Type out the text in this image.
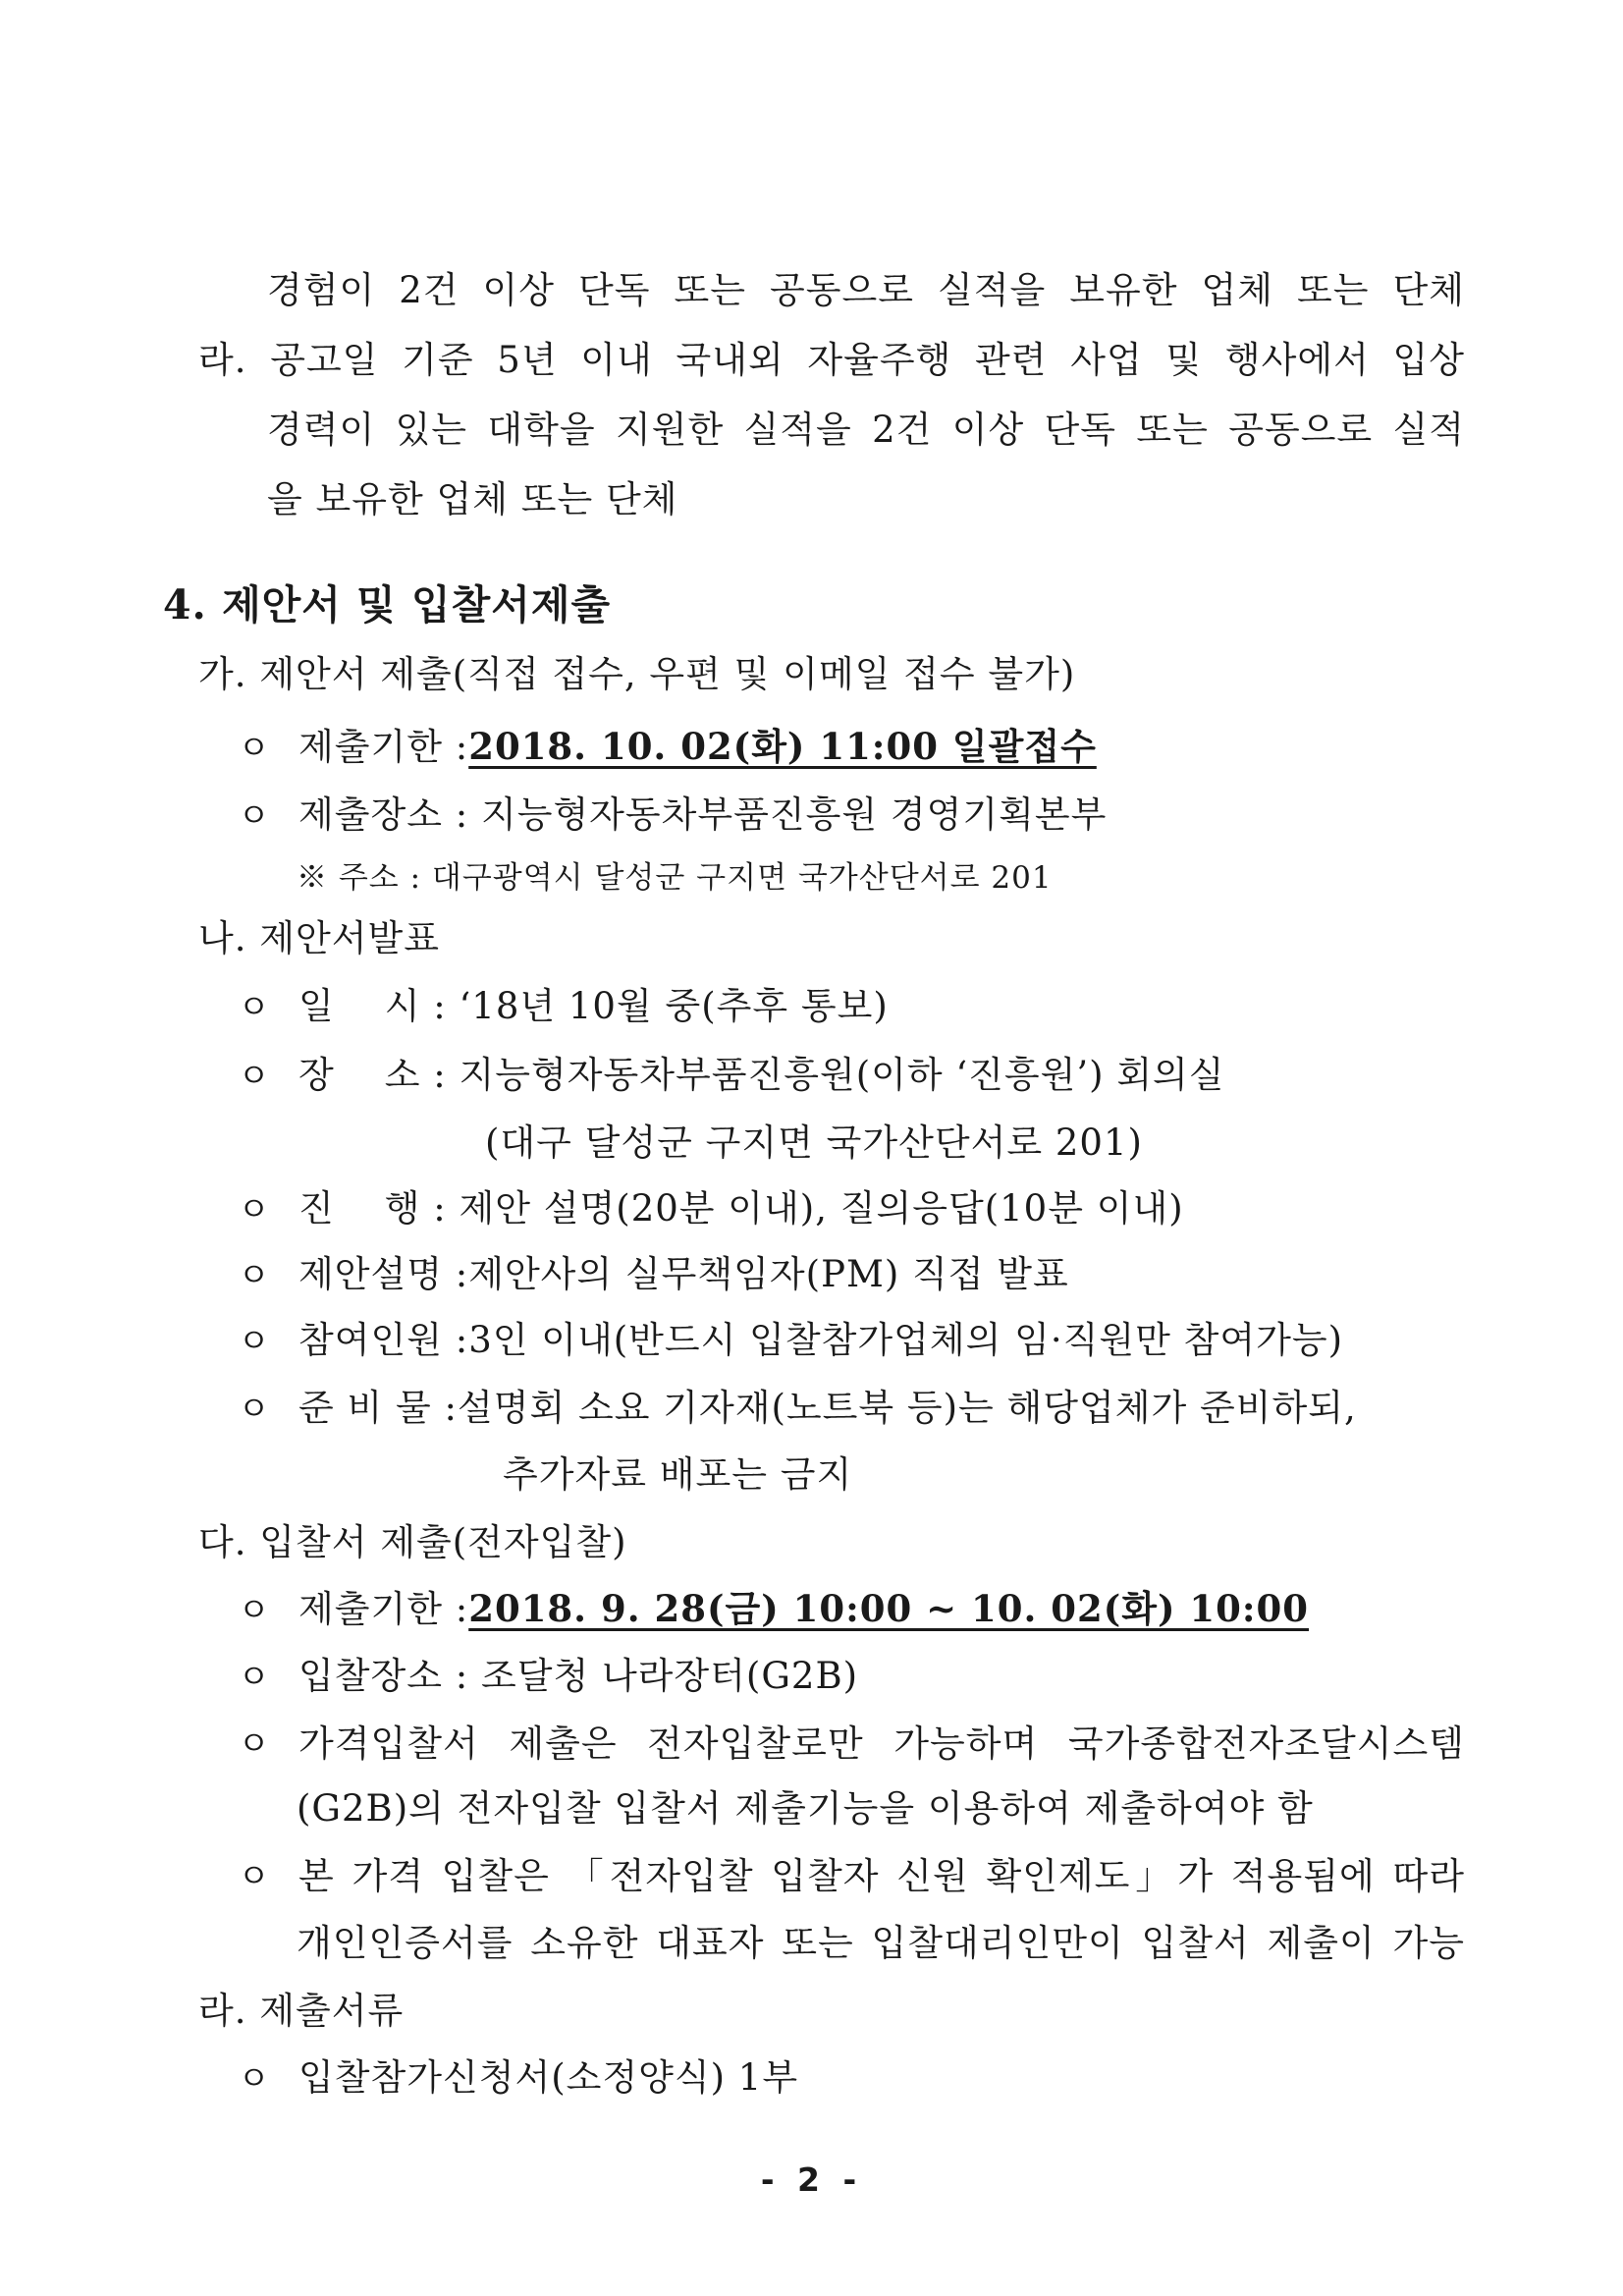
경험이 2건 이상 단독 또는 공동으로 실적을 보유한 업체 또는 단체
라. 공고일 기준 5년 이내 국내외 자율주행 관련 사업 및 행사에서 입상
경력이 있는 대학을 지원한 실적을 2건 이상 단독 또는 공동으로 실적
을 보유한 업체 또는 단체
4. 제안서 및 입찰서제출
가. 제안서 제출(직접 접수, 우편 및 이메일 접수 불가)
ㅇ 제출기한 :2018. 10. 02(화) 11:00 일괄접수
ㅇ 제출장소 : 지능형자동차부품진흥원 경영기획본부
※ 주소 : 대구광역시 달성군 구지면 국가산단서로 201
나. 제안서발표
ㅇ 일    시 : ‘18년 10월 중(추후 통보)
ㅇ 장    소 : 지능형자동차부품진흥원(이하 ‘진흥원’) 회의실
(대구 달성군 구지면 국가산단서로 201)
ㅇ 진    행 : 제안 설명(20분 이내), 질의응답(10분 이내)
ㅇ 제안설명 :제안사의 실무책임자(PM) 직접 발표
ㅇ 참여인원 :3인 이내(반드시 입찰참가업체의 임·직원만 참여가능)
ㅇ 준 비 물 :설명회 소요 기자재(노트북 등)는 해당업체가 준비하되,
추가자료 배포는 금지
다. 입찰서 제출(전자입찰)
ㅇ 제출기한 :2018. 9. 28(금) 10:00 ~ 10. 02(화) 10:00
ㅇ 입찰장소 : 조달청 나라장터(G2B)
ㅇ 가격입찰서 제출은 전자입찰로만 가능하며 국가종합전자조달시스템
(G2B)의 전자입찰 입찰서 제출기능을 이용하여 제출하여야 함
ㅇ 본 가격 입찰은 「전자입찰 입찰자 신원 확인제도」가 적용됨에 따라
개인인증서를 소유한 대표자 또는 입찰대리인만이 입찰서 제출이 가능
라. 제출서류
ㅇ 입찰참가신청서(소정양식) 1부
- 2 -
